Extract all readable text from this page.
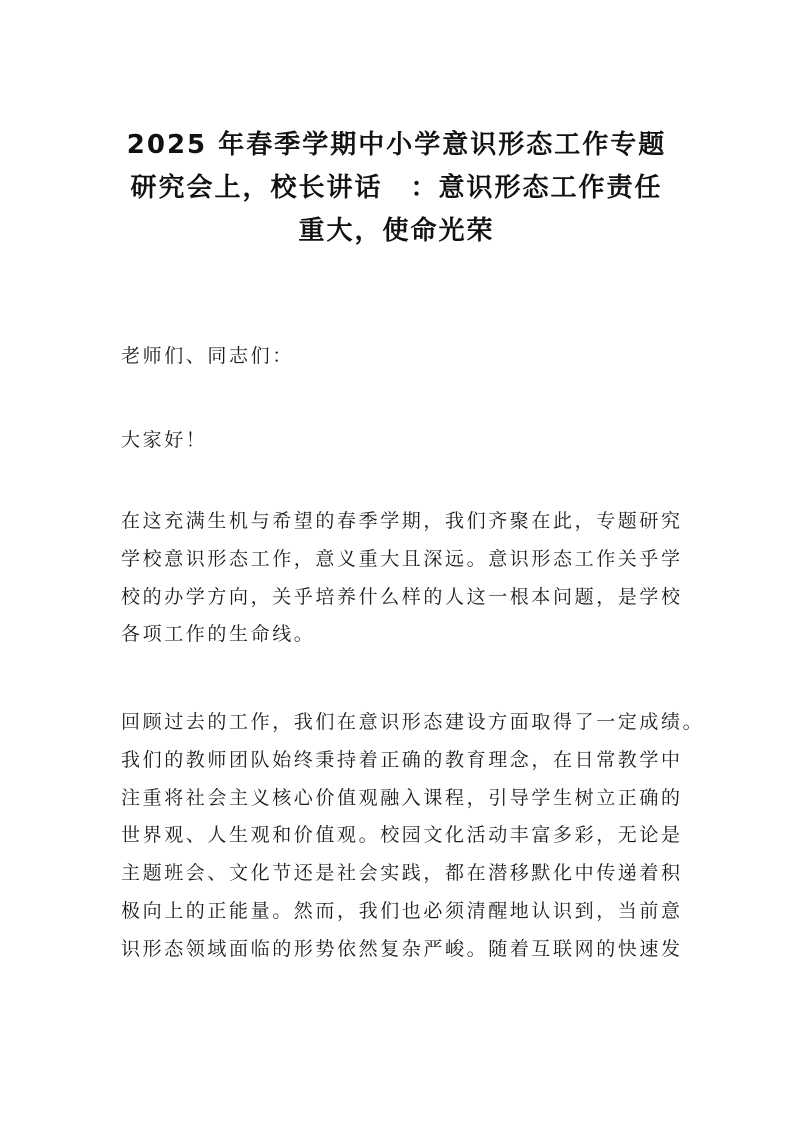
2025 年春季学期中小学意识形态工作专题
研究会上，校长讲话　：意识形态工作责任
重大，使命光荣
老师们、同志们：
大家好！
在这充满生机与希望的春季学期，我们齐聚在此，专题研究
学校意识形态工作，意义重大且深远。意识形态工作关乎学
校的办学方向，关乎培养什么样的人这一根本问题，是学校
各项工作的生命线。
回顾过去的工作，我们在意识形态建设方面取得了一定成绩。
我们的教师团队始终秉持着正确的教育理念，在日常教学中
注重将社会主义核心价值观融入课程，引导学生树立正确的
世界观、人生观和价值观。校园文化活动丰富多彩，无论是
主题班会、文化节还是社会实践，都在潜移默化中传递着积
极向上的正能量。然而，我们也必须清醒地认识到，当前意
识形态领域面临的形势依然复杂严峻。随着互联网的快速发
